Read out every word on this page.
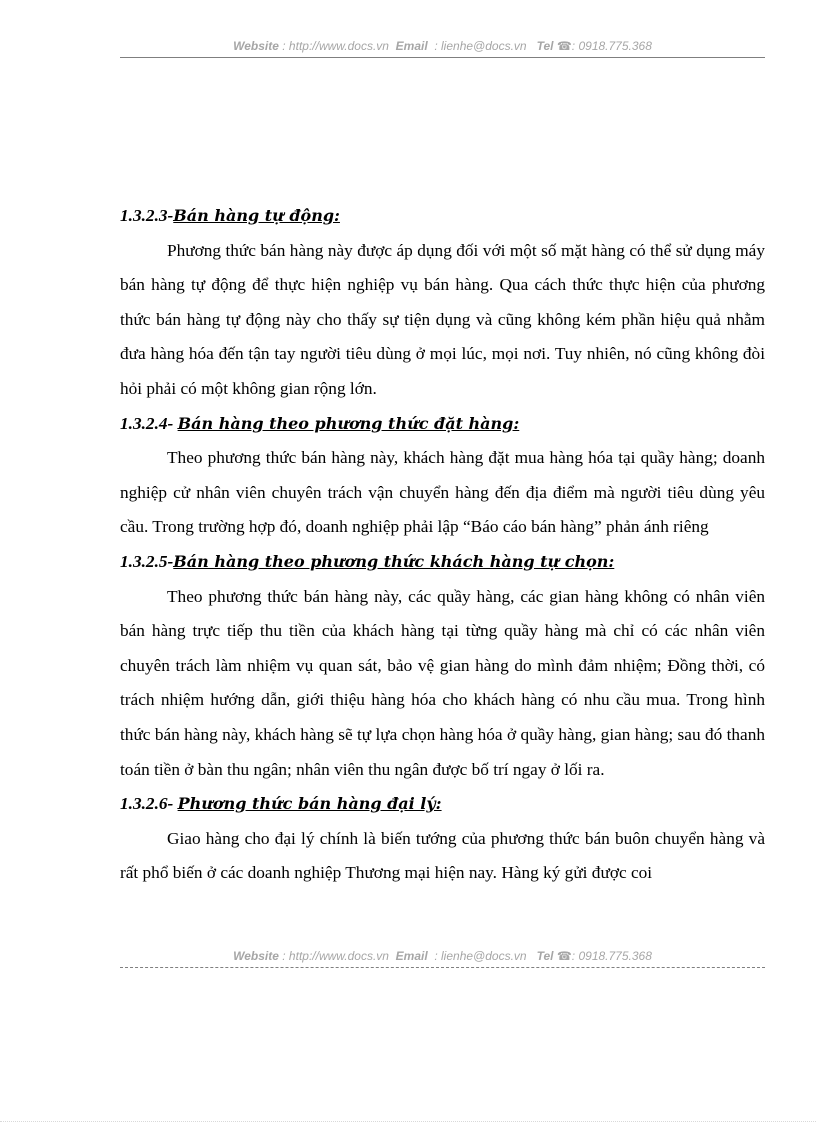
Website : http://www.docs.vn Email : lienhe@docs.vn Tel ☎: 0918.775.368

1.3.2.3-Bán hàng tự động:

Phương thức bán hàng này được áp dụng đối với một số mặt hàng có thể sử dụng máy bán hàng tự động để thực hiện nghiệp vụ bán hàng. Qua cách thức thực hiện của phương thức bán hàng tự động này cho thấy sự tiện dụng và cũng không kém phần hiệu quả nhằm đưa hàng hóa đến tận tay người tiêu dùng ở mọi lúc, mọi nơi. Tuy nhiên, nó cũng không đòi hỏi phải có một không gian rộng lớn.

1.3.2.4- Bán hàng theo phương thức đặt hàng:

Theo phương thức bán hàng này, khách hàng đặt mua hàng hóa tại quầy hàng; doanh nghiệp cử nhân viên chuyên trách vận chuyển hàng đến địa điểm mà người tiêu dùng yêu cầu. Trong trường hợp đó, doanh nghiệp phải lập “Báo cáo bán hàng” phản ánh riêng

1.3.2.5-Bán hàng theo phương thức khách hàng tự chọn:

Theo phương thức bán hàng này, các quầy hàng, các gian hàng không có nhân viên bán hàng trực tiếp thu tiền của khách hàng tại từng quầy hàng mà chỉ có các nhân viên chuyên trách làm nhiệm vụ quan sát, bảo vệ gian hàng do mình đảm nhiệm; Đồng thời, có trách nhiệm hướng dẫn, giới thiệu hàng hóa cho khách hàng có nhu cầu mua. Trong hình thức bán hàng này, khách hàng sẽ tự lựa chọn hàng hóa ở quầy hàng, gian hàng; sau đó thanh toán tiền ở bàn thu ngân; nhân viên thu ngân được bố trí ngay ở lối ra.

1.3.2.6- Phương thức bán hàng đại lý:

Giao hàng cho đại lý chính là biến tướng của phương thức bán buôn chuyển hàng và rất phổ biến ở các doanh nghiệp Thương mại hiện nay. Hàng ký gửi được coi

Website : http://www.docs.vn Email : lienhe@docs.vn Tel ☎: 0918.775.368
